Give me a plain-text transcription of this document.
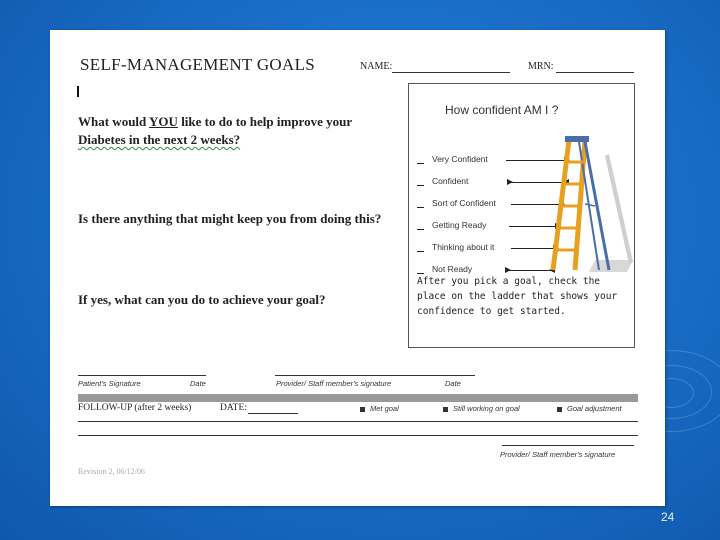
SELF-MANAGEMENT GOALS	NAME:	MRN:
What would YOU like to do to help improve your
Diabetes in the next 2 weeks?
Is there anything that might keep you from doing this?
If yes, what can you do to achieve your goal?
How confident AM I ?
Very Confident
Confident
Sort of Confident
Getting Ready
Thinking about it
Not Ready
After you pick a goal, check the place on the ladder that shows your confidence to get started.
Patient's Signature	Date	Provider/ Staff member's signature	Date
FOLLOW-UP (after 2 weeks)	DATE:	Met goal	Still working on goal	Goal adjustment
Provider/ Staff member's signature
Revision 2, 06/12/06
24
